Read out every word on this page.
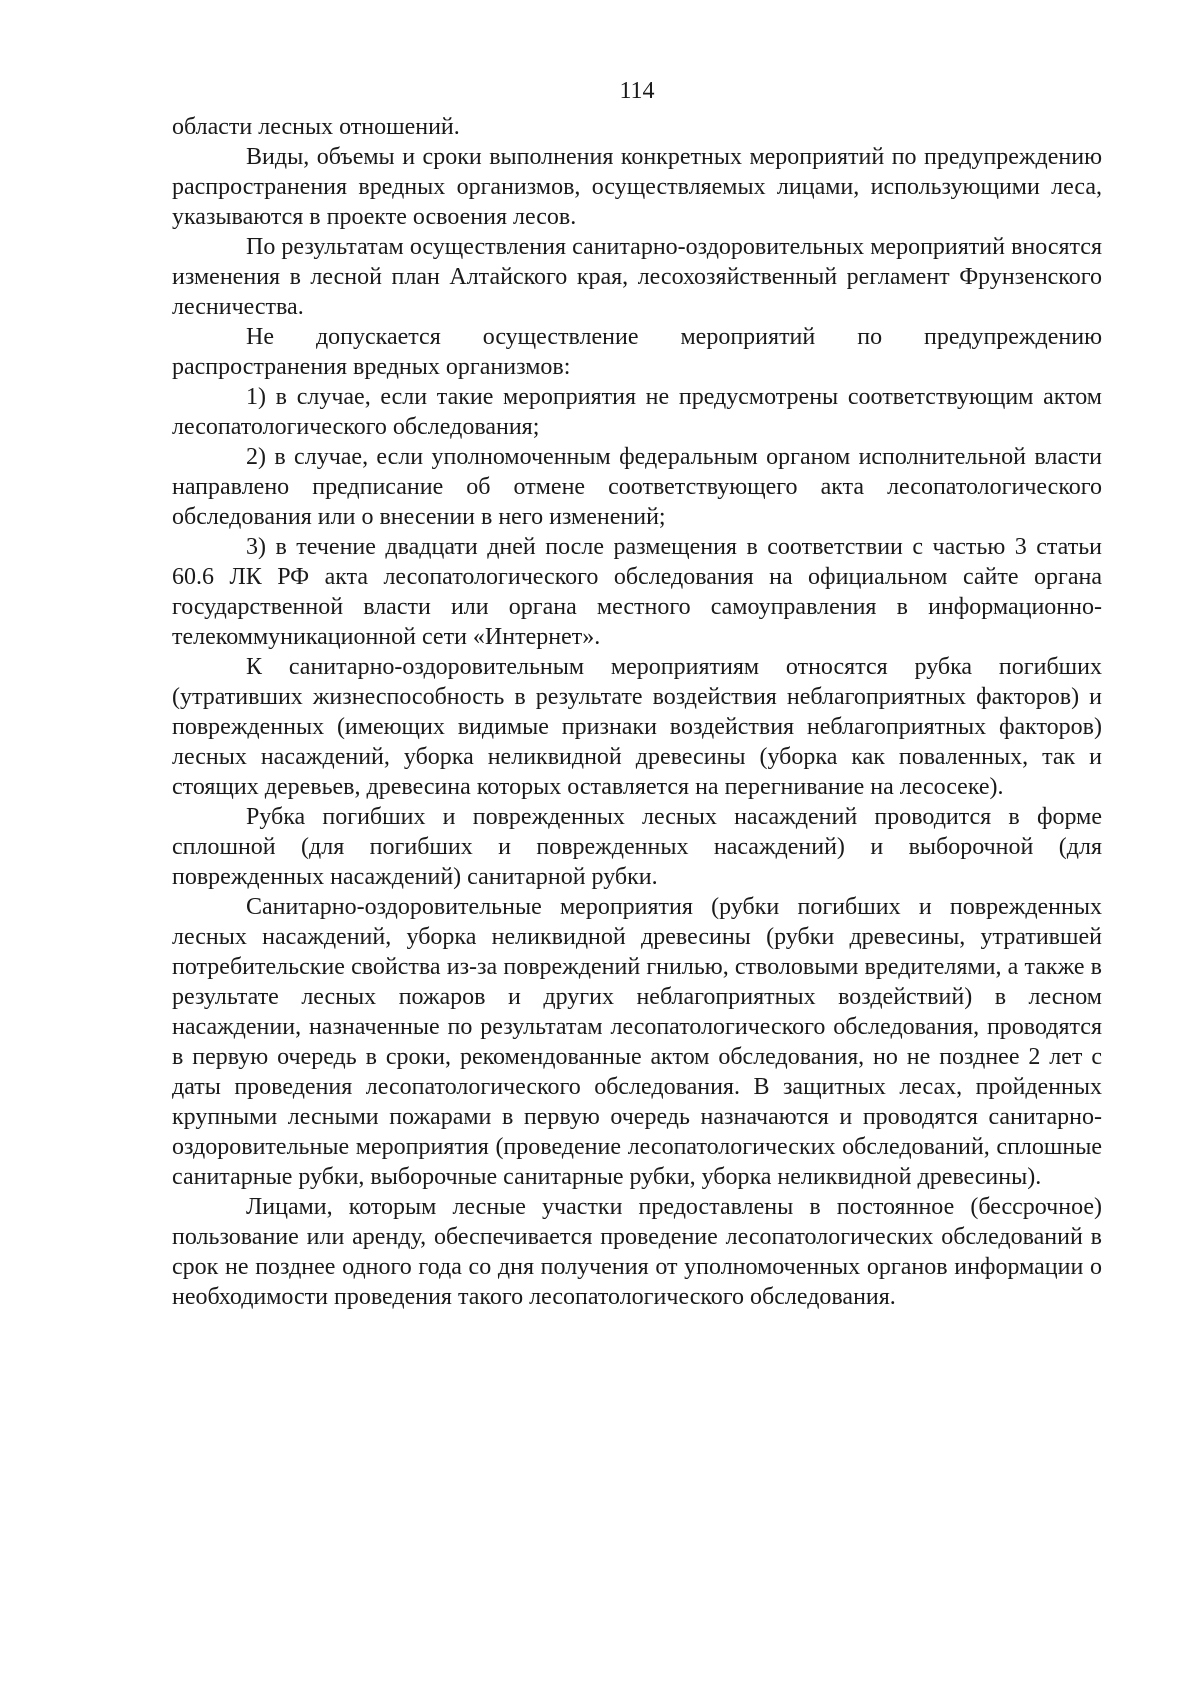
114

области лесных отношений.

Виды, объемы и сроки выполнения конкретных мероприятий по предупреждению распространения вредных организмов, осуществляемых лицами, использующими леса, указываются в проекте освоения лесов.

По результатам осуществления санитарно-оздоровительных мероприятий вносятся изменения в лесной план Алтайского края, лесохозяйственный регламент Фрунзенского лесничества.

Не допускается осуществление мероприятий по предупреждению распространения вредных организмов:

1) в случае, если такие мероприятия не предусмотрены соответствующим актом лесопатологического обследования;

2) в случае, если уполномоченным федеральным органом исполнительной власти направлено предписание об отмене соответствующего акта лесопатологического обследования или о внесении в него изменений;

3) в течение двадцати дней после размещения в соответствии с частью 3 статьи 60.6 ЛК РФ акта лесопатологического обследования на официальном сайте органа государственной власти или органа местного самоуправления в информационно-телекоммуникационной сети «Интернет».

К санитарно-оздоровительным мероприятиям относятся рубка погибших (утративших жизнеспособность в результате воздействия неблагоприятных факторов) и поврежденных (имеющих видимые признаки воздействия неблагоприятных факторов) лесных насаждений, уборка неликвидной древесины (уборка как поваленных, так и стоящих деревьев, древесина которых оставляется на перегнивание на лесосеке).

Рубка погибших и поврежденных лесных насаждений проводится в форме сплошной (для погибших и поврежденных насаждений) и выборочной (для поврежденных насаждений) санитарной рубки.

Санитарно-оздоровительные мероприятия (рубки погибших и поврежденных лесных насаждений, уборка неликвидной древесины (рубки древесины, утратившей потребительские свойства из-за повреждений гнилью, стволовыми вредителями, а также в результате лесных пожаров и других неблагоприятных воздействий) в лесном насаждении, назначенные по результатам лесопатологического обследования, проводятся в первую очередь в сроки, рекомендованные актом обследования, но не позднее 2 лет с даты проведения лесопатологического обследования. В защитных лесах, пройденных крупными лесными пожарами в первую очередь назначаются и проводятся санитарно-оздоровительные мероприятия (проведение лесопатологических обследований, сплошные санитарные рубки, выборочные санитарные рубки, уборка неликвидной древесины).

Лицами, которым лесные участки предоставлены в постоянное (бессрочное) пользование или аренду, обеспечивается проведение лесопатологических обследований в срок не позднее одного года со дня получения от уполномоченных органов информации о необходимости проведения такого лесопатологического обследования.
